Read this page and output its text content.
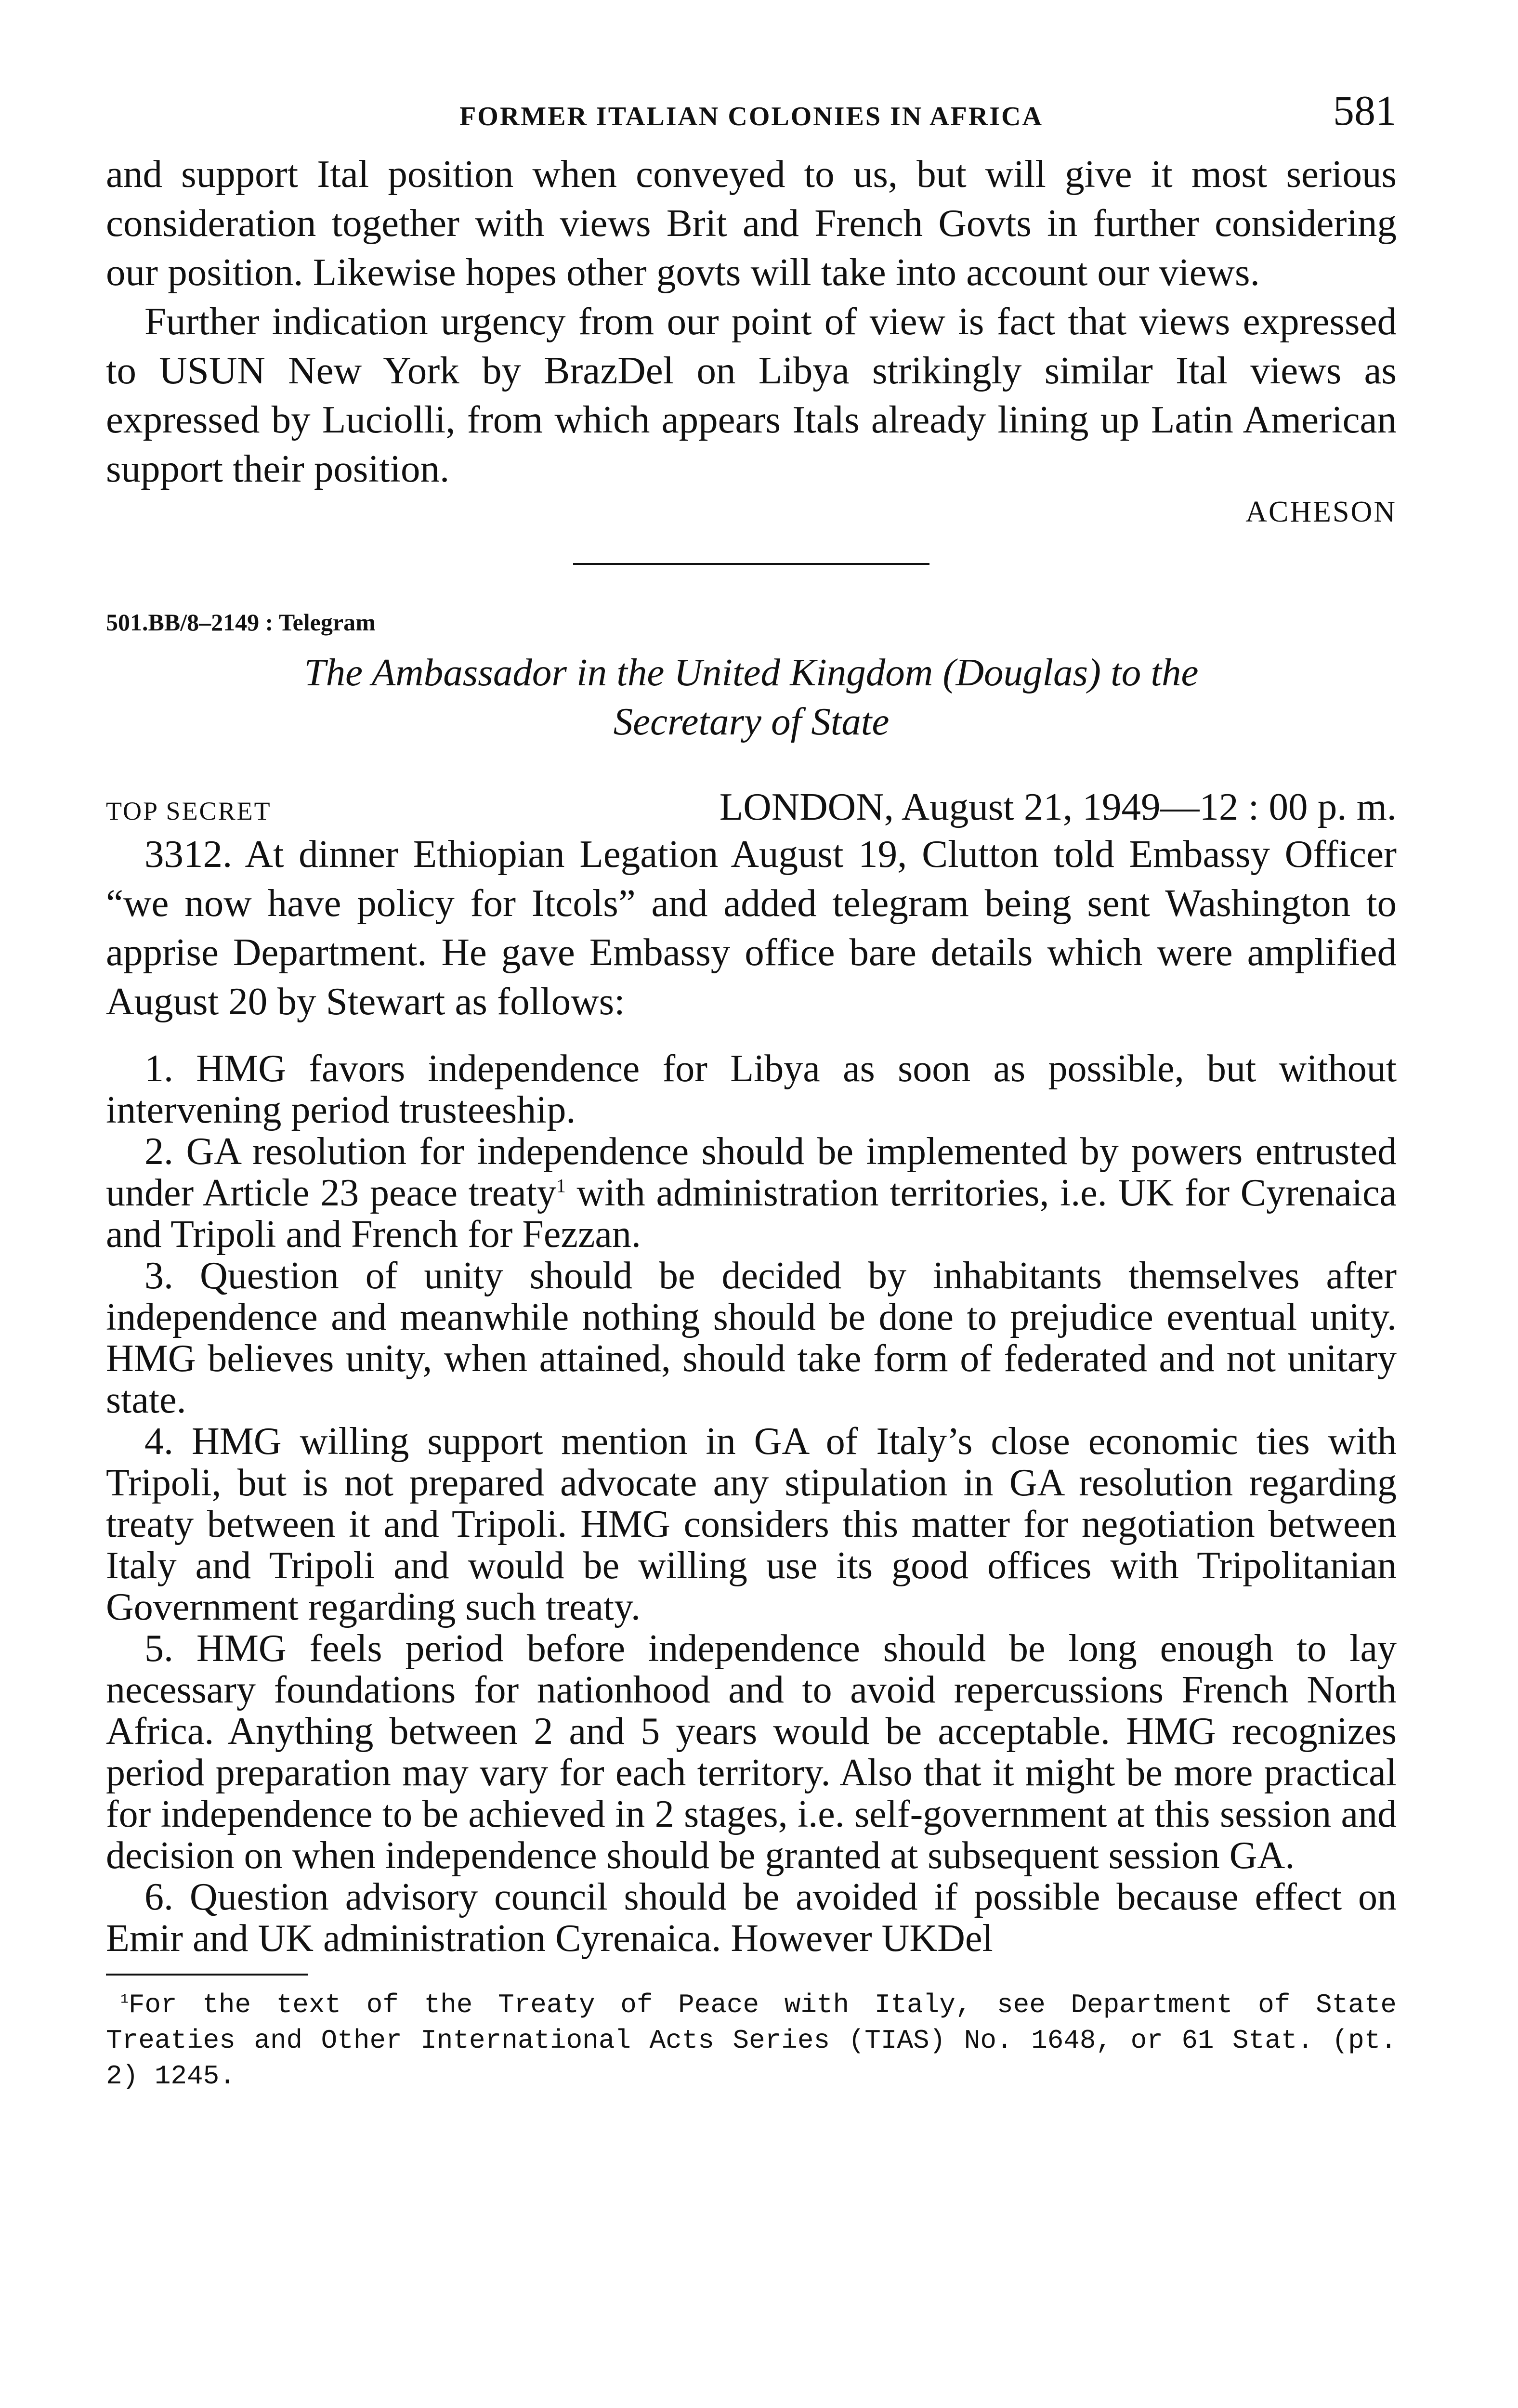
FORMER ITALIAN COLONIES IN AFRICA	581

and support Ital position when conveyed to us, but will give it most serious consideration together with views Brit and French Govts in further considering our position. Likewise hopes other govts will take into account our views.

Further indication urgency from our point of view is fact that views expressed to USUN New York by BrazDel on Libya strikingly similar Ital views as expressed by Luciolli, from which appears Itals already lining up Latin American support their position.

ACHESON

501.BB/8–2149 : Telegram

The Ambassador in the United Kingdom (Douglas) to the
Secretary of State
TOP SECRET	LONDON, August 21, 1949—12 : 00 p. m.

3312. At dinner Ethiopian Legation August 19, Clutton told Embassy Officer “we now have policy for Itcols” and added telegram being sent Washington to apprise Department. He gave Embassy office bare details which were amplified August 20 by Stewart as follows:

1. HMG favors independence for Libya as soon as possible, but without intervening period trusteeship.
2. GA resolution for independence should be implemented by powers entrusted under Article 23 peace treaty$^1$ with administration territories, i.e. UK for Cyrenaica and Tripoli and French for Fezzan.
3. Question of unity should be decided by inhabitants themselves after independence and meanwhile nothing should be done to prejudice eventual unity. HMG believes unity, when attained, should take form of federated and not unitary state.
4. HMG willing support mention in GA of Italy’s close economic ties with Tripoli, but is not prepared advocate any stipulation in GA resolution regarding treaty between it and Tripoli. HMG considers this matter for negotiation between Italy and Tripoli and would be willing use its good offices with Tripolitanian Government regarding such treaty.
5. HMG feels period before independence should be long enough to lay necessary foundations for nationhood and to avoid repercussions French North Africa. Anything between 2 and 5 years would be acceptable. HMG recognizes period preparation may vary for each territory. Also that it might be more practical for independence to be achieved in 2 stages, i.e. self-government at this session and decision on when independence should be granted at subsequent session GA.
6. Question advisory council should be avoided if possible because effect on Emir and UK administration Cyrenaica. However UKDel

$^1$For the text of the Treaty of Peace with Italy, see Department of State Treaties and Other International Acts Series (TIAS) No. 1648, or 61 Stat. (pt. 2) 1245.
